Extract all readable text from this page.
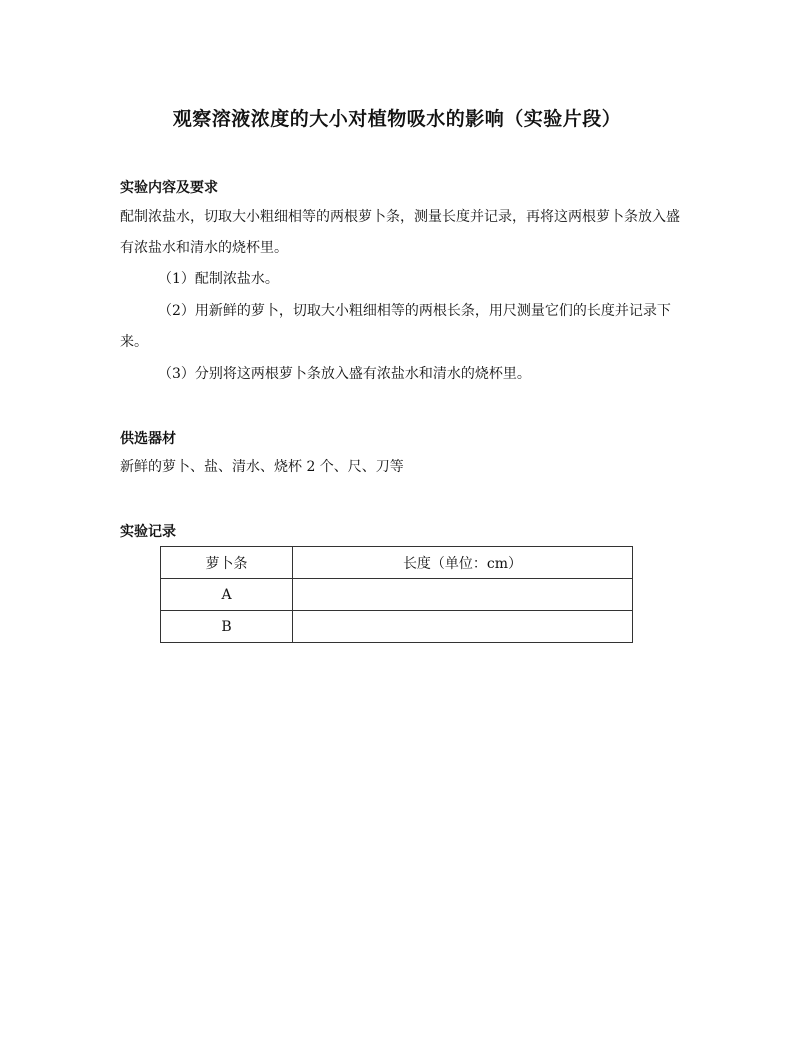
观察溶液浓度的大小对植物吸水的影响（实验片段）
实验内容及要求
配制浓盐水，切取大小粗细相等的两根萝卜条，测量长度并记录，再将这两根萝卜条放入盛有浓盐水和清水的烧杯里。
（1）配制浓盐水。
（2）用新鲜的萝卜，切取大小粗细相等的两根长条，用尺测量它们的长度并记录下来。
（3）分别将这两根萝卜条放入盛有浓盐水和清水的烧杯里。
供选器材
新鲜的萝卜、盐、清水、烧杯 2 个、尺、刀等
实验记录
萝卜条	长度（单位：cm）
A	
B	
